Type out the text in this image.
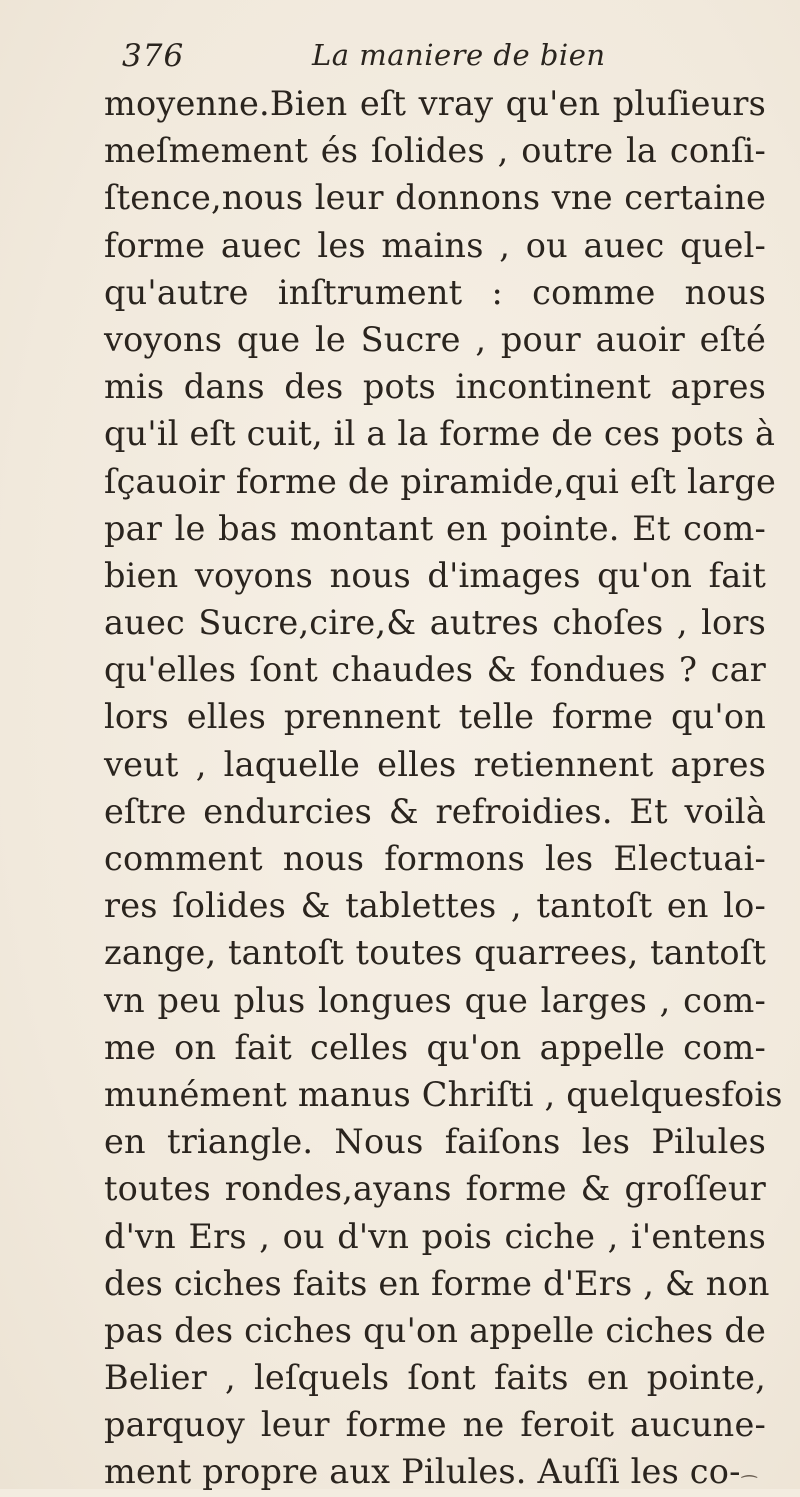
376	La maniere de bien
moyenne.Bien eſt vray qu'en pluſieurs
meſmement és ſolides , outre la conſi-
ſtence,nous leur donnons vne certaine
forme auec les mains , ou auec quel-
qu'autre inſtrument : comme nous
voyons que le Sucre , pour auoir eſté
mis dans des pots incontinent apres
qu'il eſt cuit, il a la forme de ces pots à
ſçauoir forme de piramide,qui eſt large
par le bas montant en pointe. Et com-
bien voyons nous d'images qu'on fait
auec Sucre,cire,& autres choſes , lors
qu'elles ſont chaudes & fondues ? car
lors elles prennent telle forme qu'on
veut , laquelle elles retiennent apres
eſtre endurcies & refroidies. Et voilà
comment nous formons les Electuai-
res ſolides & tablettes , tantoſt en lo-
zange, tantoſt toutes quarrees, tantoſt
vn peu plus longues que larges , com-
me on fait celles qu'on appelle com-
munément manus Chriſti , quelquesfois
en triangle. Nous faiſons les Pilules
toutes rondes,ayans forme & groſſeur
d'vn Ers , ou d'vn pois ciche , i'entens
des ciches faits en forme d'Ers , & non
pas des ciches qu'on appelle ciches de
Belier , leſquels ſont faits en pointe,
parquoy leur forme ne feroit aucune-
ment propre aux Pilules. Auſſi les co- ⁀
